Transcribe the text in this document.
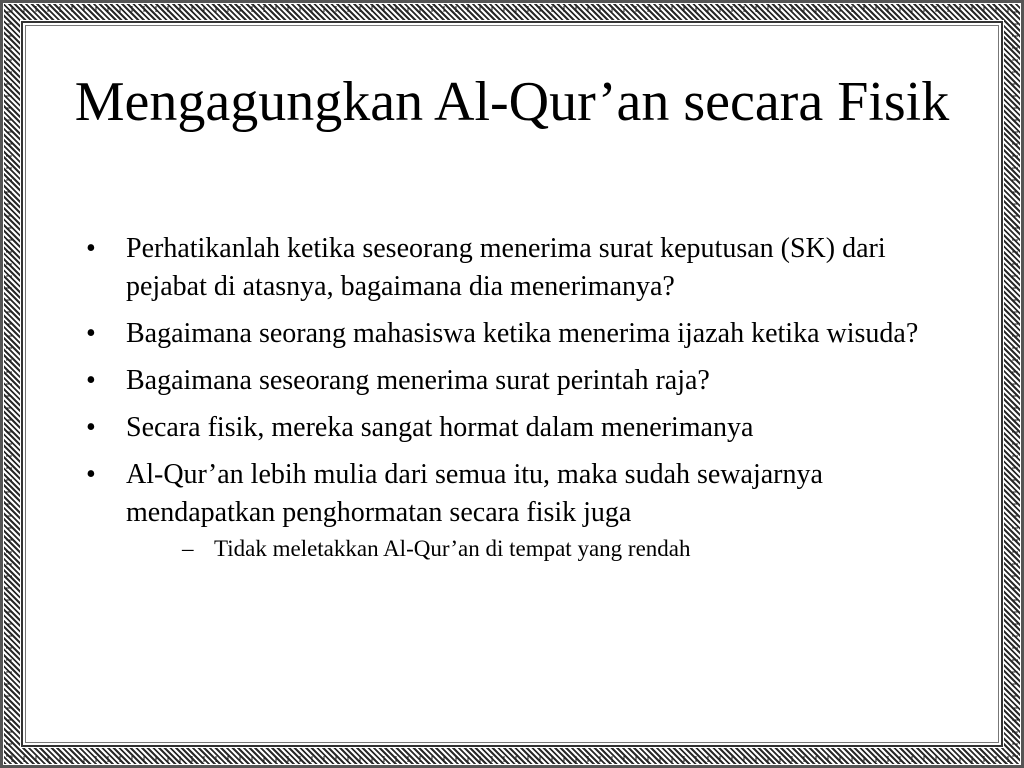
Mengagungkan Al-Qur’an secara Fisik
• Perhatikanlah ketika seseorang menerima surat keputusan (SK) dari pejabat di atasnya, bagaimana dia menerimanya?
• Bagaimana seorang mahasiswa ketika menerima ijazah ketika wisuda?
• Bagaimana seseorang menerima surat perintah raja?
• Secara fisik, mereka sangat hormat dalam menerimanya
• Al-Qur’an lebih mulia dari semua itu, maka sudah sewajarnya mendapatkan penghormatan secara fisik juga
– Tidak meletakkan Al-Qur’an di tempat yang rendah
